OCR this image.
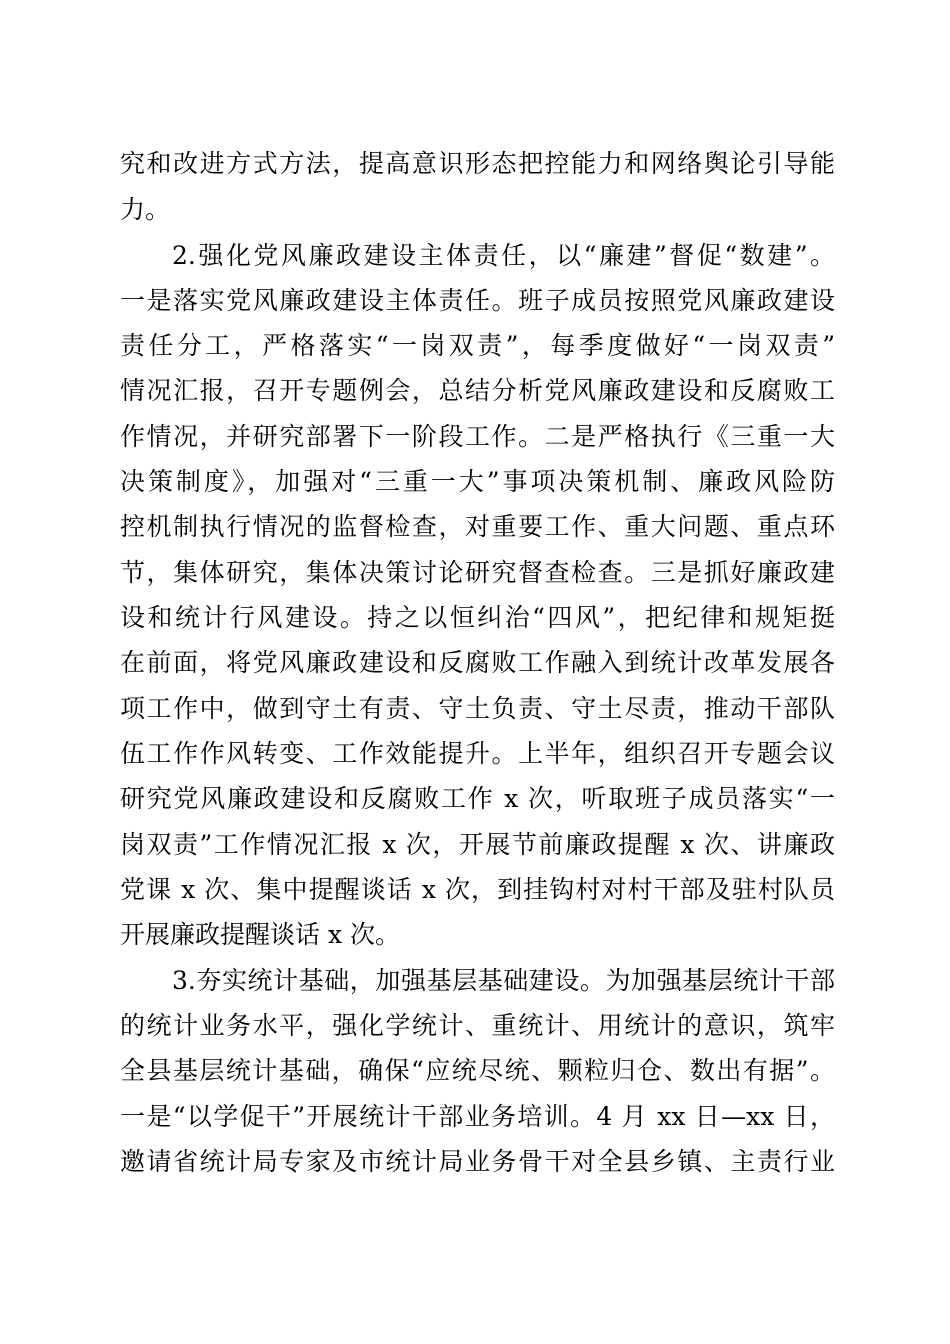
究和改进方式方法，提高意识形态把控能力和网络舆论引导能
力。
2.强化党风廉政建设主体责任，以“廉建”督促“数建”。
一是落实党风廉政建设主体责任。班子成员按照党风廉政建设
责任分工，严格落实“一岗双责”，每季度做好“一岗双责”
情况汇报，召开专题例会，总结分析党风廉政建设和反腐败工
作情况，并研究部署下一阶段工作。二是严格执行《三重一大
决策制度》，加强对“三重一大”事项决策机制、廉政风险防
控机制执行情况的监督检查，对重要工作、重大问题、重点环
节，集体研究，集体决策讨论研究督查检查。三是抓好廉政建
设和统计行风建设。持之以恒纠治“四风”，把纪律和规矩挺
在前面，将党风廉政建设和反腐败工作融入到统计改革发展各
项工作中，做到守土有责、守土负责、守土尽责，推动干部队
伍工作作风转变、工作效能提升。上半年，组织召开专题会议
研究党风廉政建设和反腐败工作 x 次，听取班子成员落实“一
岗双责”工作情况汇报 x 次，开展节前廉政提醒 x 次、讲廉政
党课 x 次、集中提醒谈话 x 次，到挂钩村对村干部及驻村队员
开展廉政提醒谈话 x 次。
3.夯实统计基础，加强基层基础建设。为加强基层统计干部
的统计业务水平，强化学统计、重统计、用统计的意识，筑牢
全县基层统计基础，确保“应统尽统、颗粒归仓、数出有据”。
一是“以学促干”开展统计干部业务培训。4 月 xx 日—xx 日，
邀请省统计局专家及市统计局业务骨干对全县乡镇、主责行业
